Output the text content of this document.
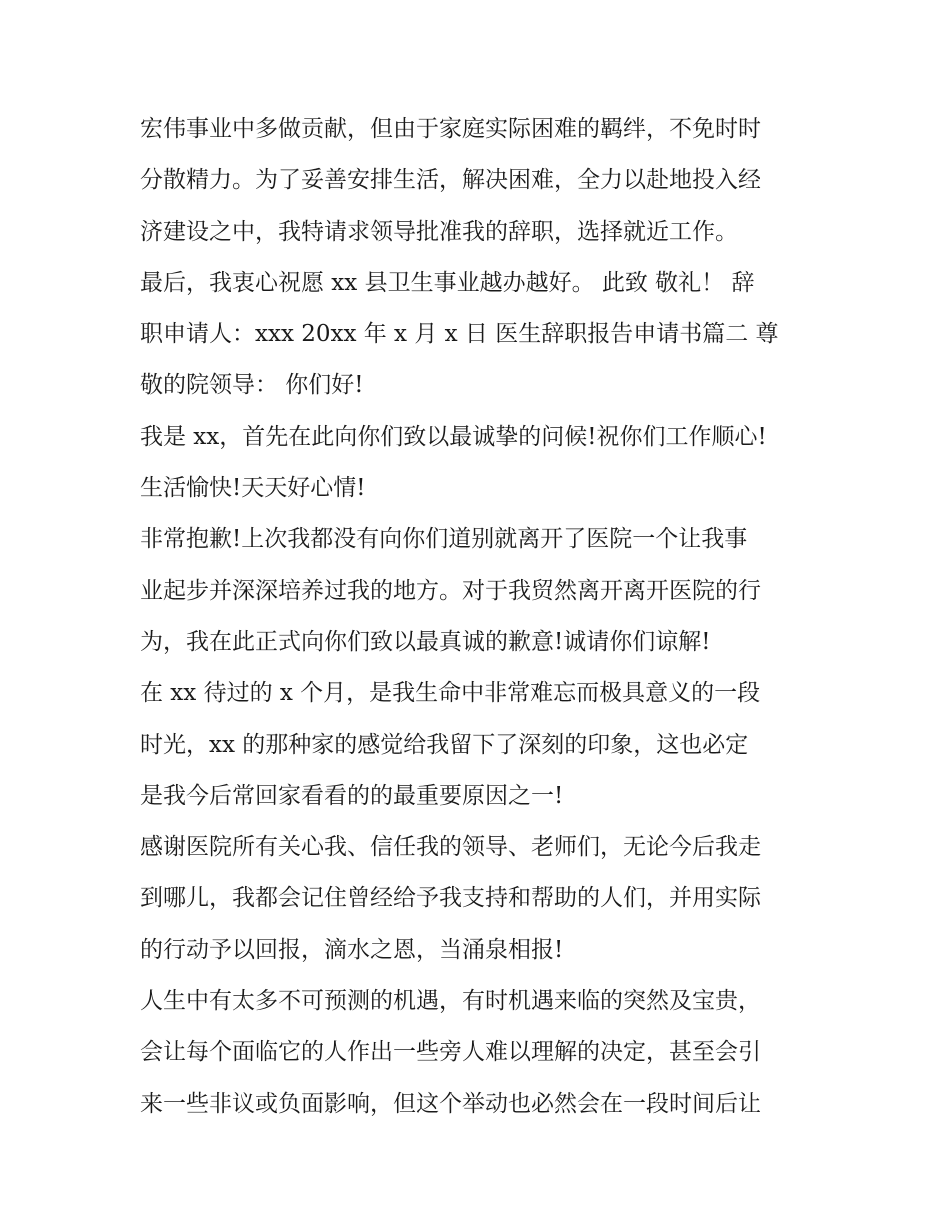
宏伟事业中多做贡献，但由于家庭实际困难的羁绊，不免时时
分散精力。为了妥善安排生活，解决困难，全力以赴地投入经
济建设之中，我特请求领导批准我的辞职，选择就近工作。
最后，我衷心祝愿 xx 县卫生事业越办越好。 此致 敬礼！ 辞
职申请人：xxx 20xx 年 x 月 x 日 医生辞职报告申请书篇二 尊
敬的院领导： 你们好!
我是 xx，首先在此向你们致以最诚挚的问候!祝你们工作顺心!
生活愉快!天天好心情!
非常抱歉!上次我都没有向你们道别就离开了医院一个让我事
业起步并深深培养过我的地方。对于我贸然离开离开医院的行
为，我在此正式向你们致以最真诚的歉意!诚请你们谅解!
在 xx 待过的 x 个月，是我生命中非常难忘而极具意义的一段
时光，xx 的那种家的感觉给我留下了深刻的印象，这也必定
是我今后常回家看看的的最重要原因之一!
感谢医院所有关心我、信任我的领导、老师们，无论今后我走
到哪儿，我都会记住曾经给予我支持和帮助的人们，并用实际
的行动予以回报，滴水之恩，当涌泉相报!
人生中有太多不可预测的机遇，有时机遇来临的突然及宝贵，
会让每个面临它的人作出一些旁人难以理解的决定，甚至会引
来一些非议或负面影响，但这个举动也必然会在一段时间后让
